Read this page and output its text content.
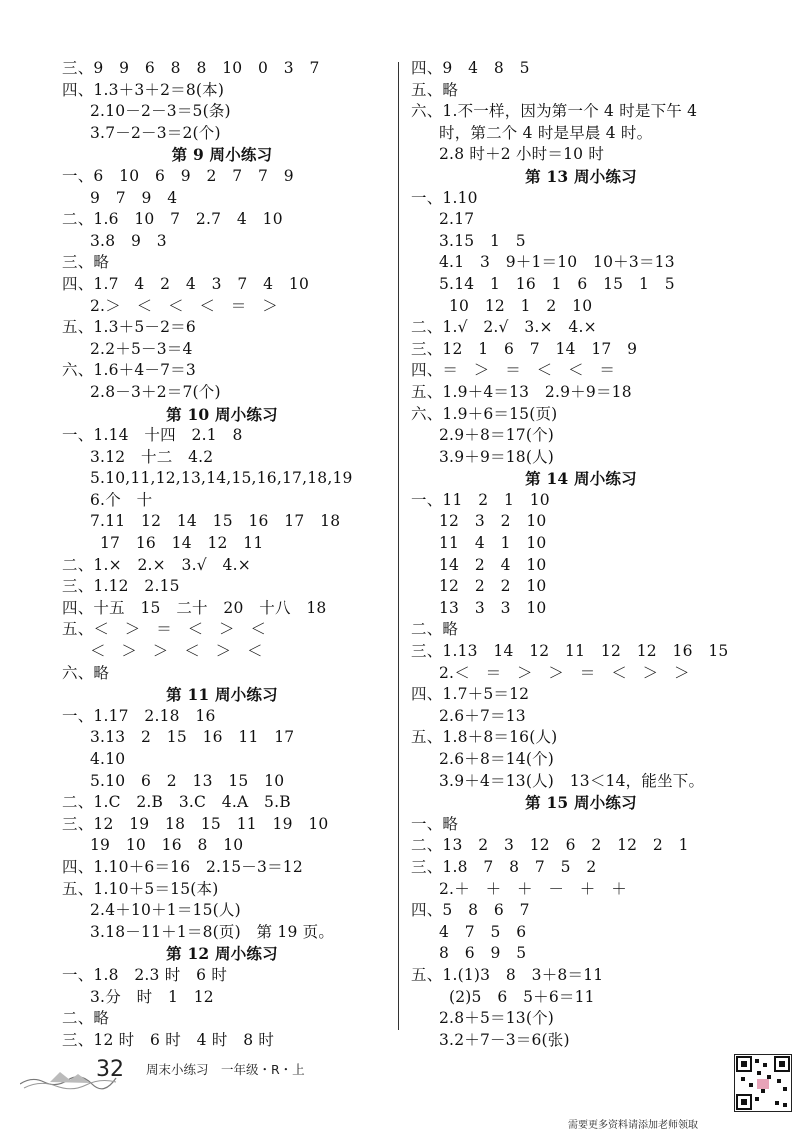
三、9　9　6　8　8　10　0　3　7
四、1.3＋3＋2＝8(本)
2.10－2－3＝5(条)
3.7－2－3＝2(个)
第 9 周小练习
一、6　10　6　9　2　7　7　9
9　7　9　4
二、1.6　10　7　2.7　4　10
3.8　9　3
三、略
四、1.7　4　2　4　3　7　4　10
2.＞　＜　＜　＜　＝　＞
五、1.3＋5－2＝6
2.2＋5－3＝4
六、1.6＋4－7＝3
2.8－3＋2＝7(个)
第 10 周小练习
一、1.14　十四　2.1　8
3.12　十二　4.2
5.10,11,12,13,14,15,16,17,18,19
6.个　十
7.11　12　14　15　16　17　18
17　16　14　12　11
二、1.×　2.×　3.√　4.×
三、1.12　2.15
四、十五　15　二十　20　十八　18
五、＜　＞　＝　＜　＞　＜
＜　＞　＞　＜　＞　＜
六、略
第 11 周小练习
一、1.17　2.18　16
3.13　2　15　16　11　17
4.10
5.10　6　2　13　15　10
二、1.C　2.B　3.C　4.A　5.B
三、12　19　18　15　11　19　10
19　10　16　8　10
四、1.10＋6＝16　2.15－3＝12
五、1.10＋5＝15(本)
2.4＋10＋1＝15(人)
3.18－11＋1＝8(页)　第 19 页。
第 12 周小练习
一、1.8　2.3 时　6 时
3.分　时　1　12
二、略
三、12 时　6 时　4 时　8 时
四、9　4　8　5
五、略
六、1.不一样，因为第一个 4 时是下午 4
时，第二个 4 时是早晨 4 时。
2.8 时＋2 小时＝10 时
第 13 周小练习
一、1.10
2.17
3.15　1　5
4.1　3　9＋1＝10　10＋3＝13
5.14　1　16　1　6　15　1　5
10　12　1　2　10
二、1.√　2.√　3.×　4.×
三、12　1　6　7　14　17　9
四、＝　＞　＝　＜　＜　＝
五、1.9＋4＝13　2.9＋9＝18
六、1.9＋6＝15(页)
2.9＋8＝17(个)
3.9＋9＝18(人)
第 14 周小练习
一、11　2　1　10
12　3　2　10
11　4　1　10
14　2　4　10
12　2　2　10
13　3　3　10
二、略
三、1.13　14　12　11　12　12　16　15
2.＜　＝　＞　＞　＝　＜　＞　＞
四、1.7＋5＝12
2.6＋7＝13
五、1.8＋8＝16(人)
2.6＋8＝14(个)
3.9＋4＝13(人)　13＜14，能坐下。
第 15 周小练习
一、略
二、13　2　3　12　6　2　12　2　1
三、1.8　7　8　7　5　2
2.＋　＋　＋　－　＋　＋
四、5　8　6　7
4　7　5　6
8　6　9　5
五、1.(1)3　8　3＋8＝11
(2)5　6　5＋6＝11
2.8＋5＝13(个)
3.2＋7－3＝6(张)
32	周末小练习　一年级・R・上
需要更多资料请添加老师领取
